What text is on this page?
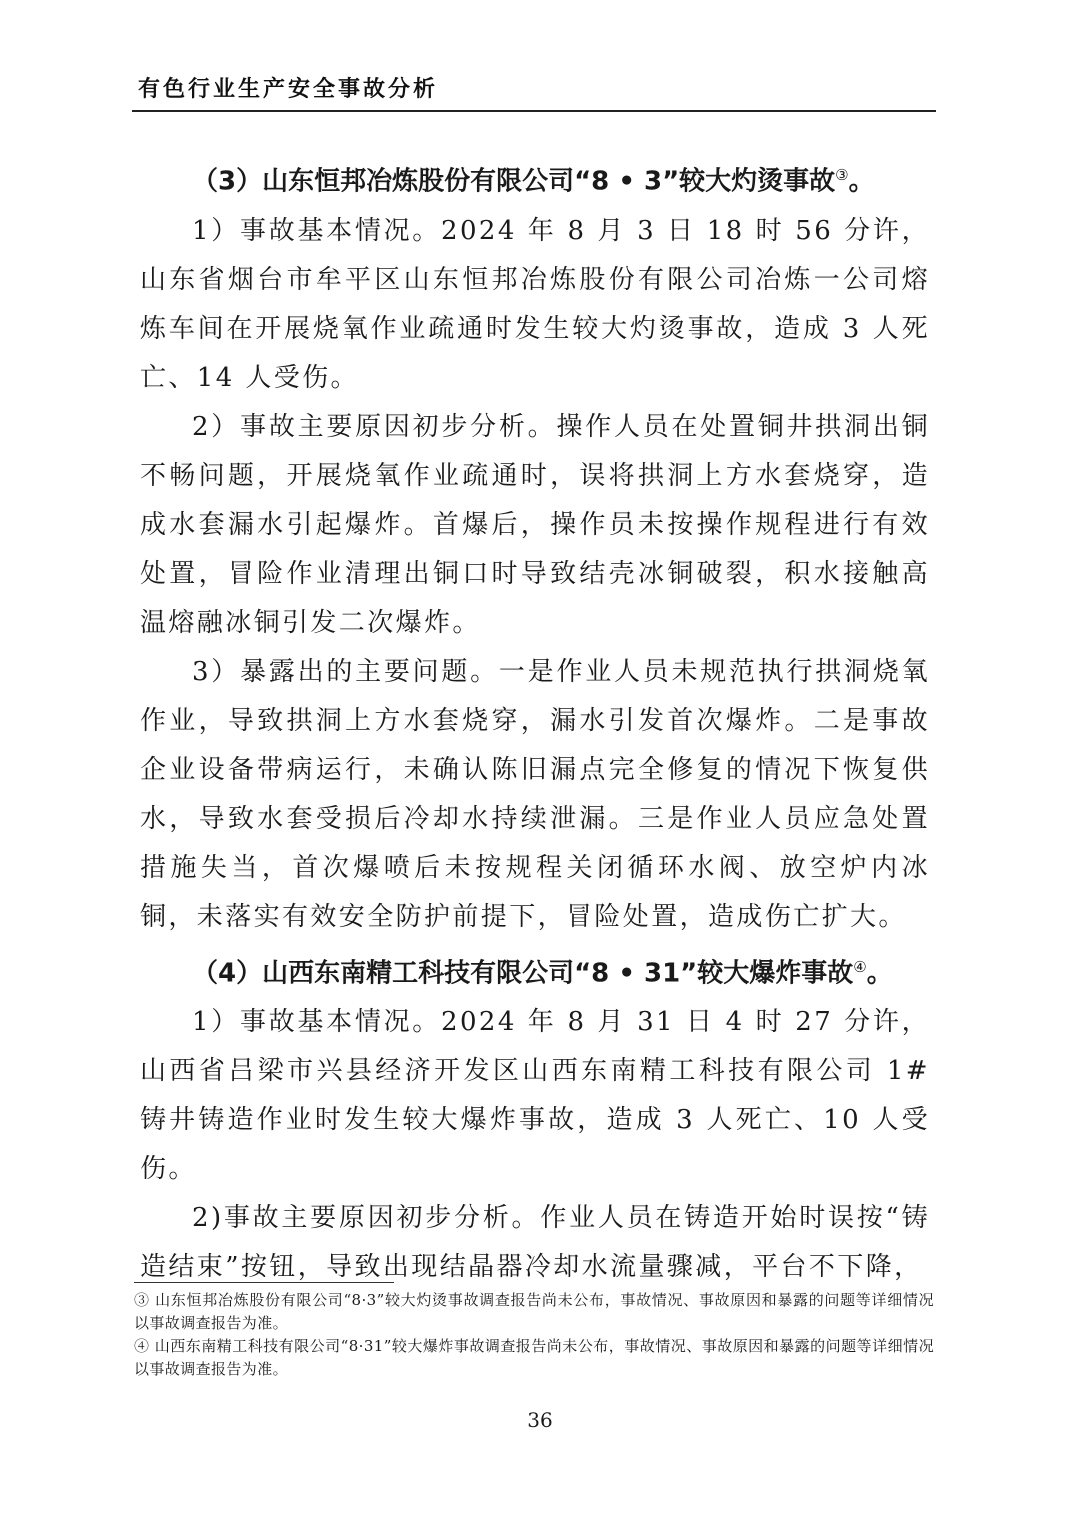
有色行业生产安全事故分析

（3）山东恒邦冶炼股份有限公司“8 • 3”较大灼烫事故③。

1）事故基本情况。2024 年 8 月 3 日 18 时 56 分许，山东省烟台市牟平区山东恒邦冶炼股份有限公司冶炼一公司熔炼车间在开展烧氧作业疏通时发生较大灼烫事故，造成 3 人死亡、14 人受伤。

2）事故主要原因初步分析。操作人员在处置铜井拱洞出铜不畅问题，开展烧氧作业疏通时，误将拱洞上方水套烧穿，造成水套漏水引起爆炸。首爆后，操作员未按操作规程进行有效处置，冒险作业清理出铜口时导致结壳冰铜破裂，积水接触高温熔融冰铜引发二次爆炸。

3）暴露出的主要问题。一是作业人员未规范执行拱洞烧氧作业，导致拱洞上方水套烧穿，漏水引发首次爆炸。二是事故企业设备带病运行，未确认陈旧漏点完全修复的情况下恢复供水，导致水套受损后冷却水持续泄漏。三是作业人员应急处置措施失当，首次爆喷后未按规程关闭循环水阀、放空炉内冰铜，未落实有效安全防护前提下，冒险处置，造成伤亡扩大。

（4）山西东南精工科技有限公司“8 • 31”较大爆炸事故④。

1）事故基本情况。2024 年 8 月 31 日 4 时 27 分许，山西省吕梁市兴县经济开发区山西东南精工科技有限公司 1#铸井铸造作业时发生较大爆炸事故，造成 3 人死亡、10 人受伤。

2)事故主要原因初步分析。作业人员在铸造开始时误按“铸造结束”按钮，导致出现结晶器冷却水流量骤减，平台不下降，

③ 山东恒邦冶炼股份有限公司“8·3”较大灼烫事故调查报告尚未公布，事故情况、事故原因和暴露的问题等详细情况以事故调查报告为准。

④ 山西东南精工科技有限公司“8·31”较大爆炸事故调查报告尚未公布，事故情况、事故原因和暴露的问题等详细情况以事故调查报告为准。

36
